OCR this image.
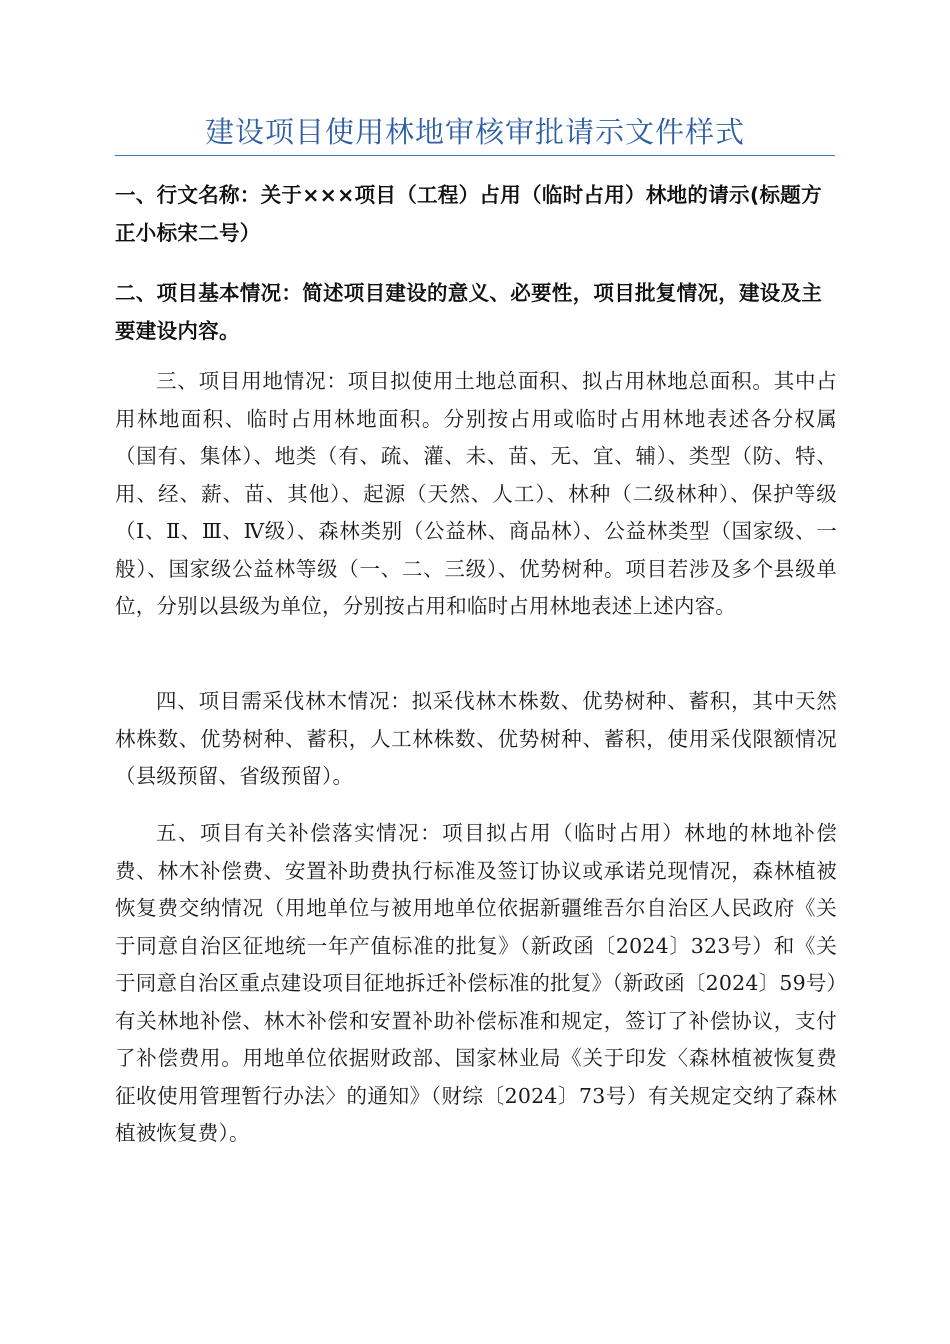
建设项目使用林地审核审批请示文件样式

一、行文名称：关于×××项目（工程）占用（临时占用）林地的请示(标题方正小标宋二号）

二、项目基本情况：简述项目建设的意义、必要性，项目批复情况，建设及主要建设内容。

三、项目用地情况：项目拟使用土地总面积、拟占用林地总面积。其中占用林地面积、临时占用林地面积。分别按占用或临时占用林地表述各分权属（国有、集体）、地类（有、疏、灌、未、苗、无、宜、辅）、类型（防、特、用、经、薪、苗、其他）、起源（天然、人工）、林种（二级林种）、保护等级（Ⅰ、Ⅱ、Ⅲ、Ⅳ级）、森林类别（公益林、商品林）、公益林类型（国家级、一般）、国家级公益林等级（一、二、三级）、优势树种。项目若涉及多个县级单位，分别以县级为单位，分别按占用和临时占用林地表述上述内容。

四、项目需采伐林木情况：拟采伐林木株数、优势树种、蓄积，其中天然林株数、优势树种、蓄积，人工林株数、优势树种、蓄积，使用采伐限额情况（县级预留、省级预留）。

五、项目有关补偿落实情况：项目拟占用（临时占用）林地的林地补偿费、林木补偿费、安置补助费执行标准及签订协议或承诺兑现情况，森林植被恢复费交纳情况（用地单位与被用地单位依据新疆维吾尔自治区人民政府《关于同意自治区征地统一年产值标准的批复》（新政函〔2024〕323号）和《关于同意自治区重点建设项目征地拆迁补偿标准的批复》（新政函〔2024〕59号）有关林地补偿、林木补偿和安置补助补偿标准和规定，签订了补偿协议，支付了补偿费用。用地单位依据财政部、国家林业局《关于印发〈森林植被恢复费征收使用管理暂行办法〉的通知》（财综〔2024〕73号）有关规定交纳了森林植被恢复费）。
